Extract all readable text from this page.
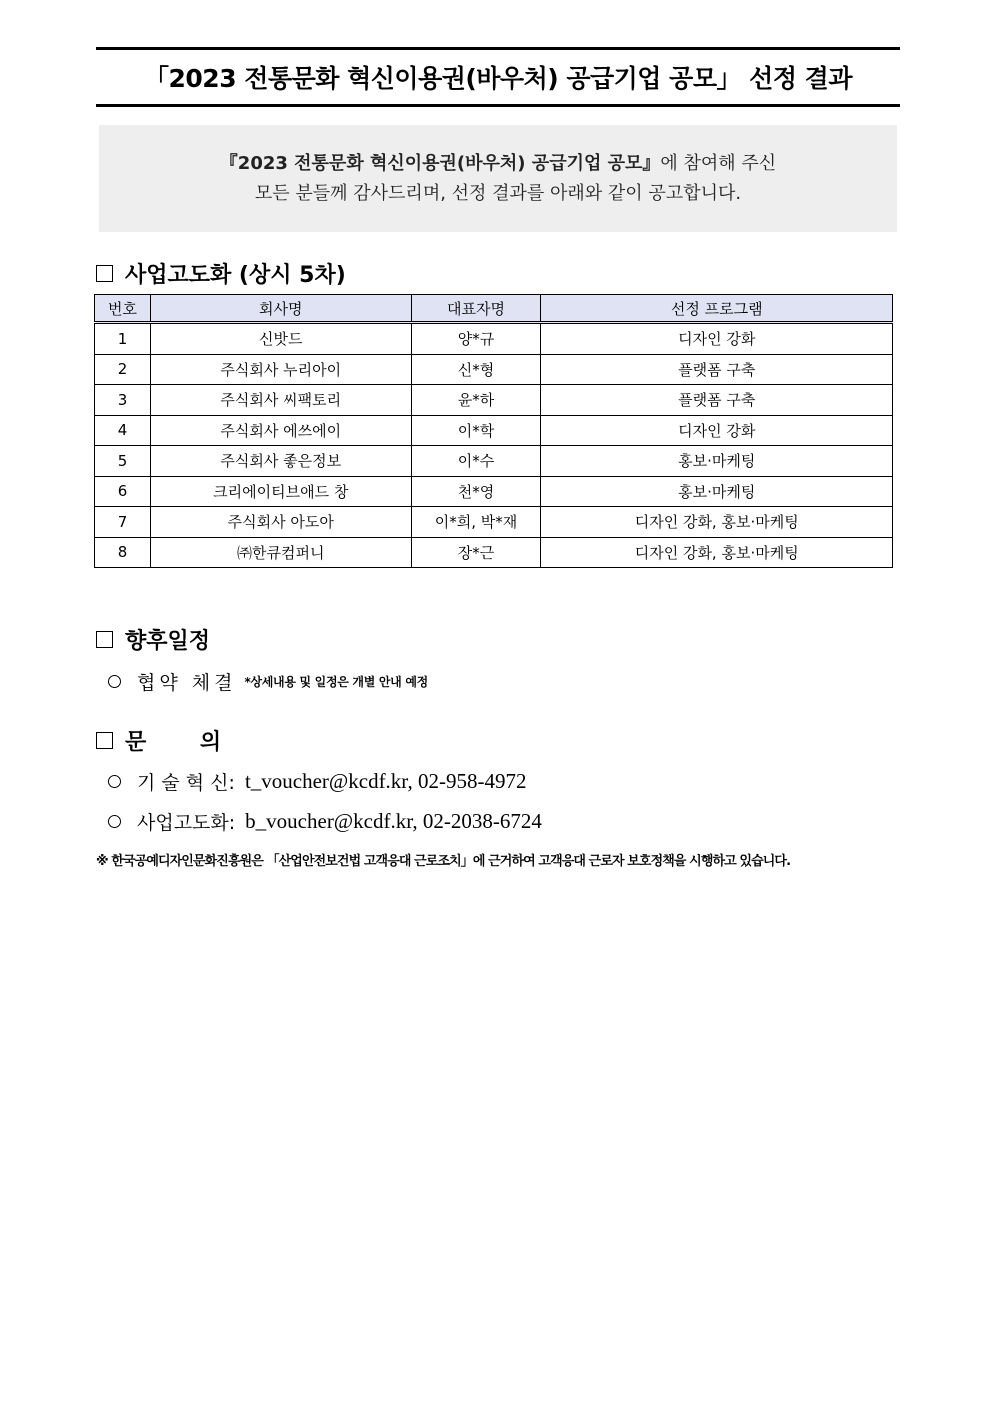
「2023 전통문화 혁신이용권(바우처) 공급기업 공모」 선정 결과
『2023 전통문화 혁신이용권(바우처) 공급기업 공모』에 참여해 주신
모든 분들께 감사드리며, 선정 결과를 아래와 같이 공고합니다.
사업고도화 (상시 5차)
번호	회사명	대표자명	선정 프로그램
1	신밧드	양*규	디자인 강화
2	주식회사 누리아이	신*형	플랫폼 구축
3	주식회사 씨팩토리	윤*하	플랫폼 구축
4	주식회사 에쓰에이	이*학	디자인 강화
5	주식회사 좋은정보	이*수	홍보·마케팅
6	크리에이티브애드 창	천*영	홍보·마케팅
7	주식회사 아도아	이*희, 박*재	디자인 강화, 홍보·마케팅
8	㈜한큐컴퍼니	장*근	디자인 강화, 홍보·마케팅
향후일정
협약 체결 *상세내용 및 일정은 개별 안내 예정
문       의
기 술 혁 신: t_voucher@kcdf.kr, 02-958-4972
사업고도화: b_voucher@kcdf.kr, 02-2038-6724
※ 한국공예디자인문화진흥원은 「산업안전보건법 고객응대 근로조치」에 근거하여 고객응대 근로자 보호정책을 시행하고 있습니다.
